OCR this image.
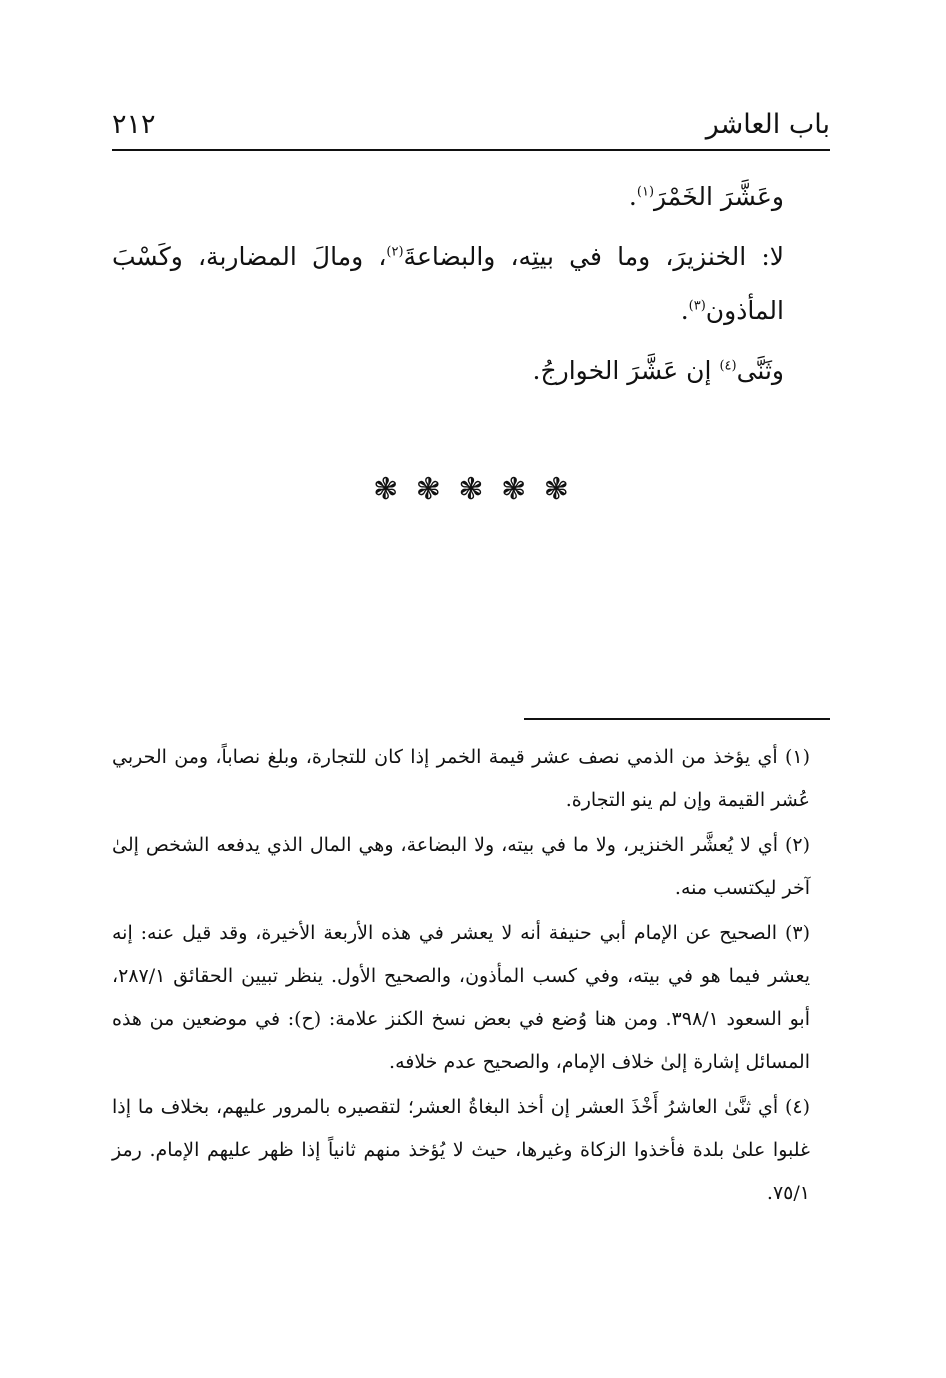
باب العاشر
٢١٢

وعَشَّرَ الخَمْرَ$^{(١)}$.

لا: الخنزيرَ، وما في بيتِه، والبضاعةَ$^{(٢)}$، ومالَ المضاربة، وكَسْبَ المأذون$^{(٣)}$.

وثَنَّى$^{(٤)}$ إن عَشَّرَ الخوارجُ.

❃ ❃ ❃ ❃ ❃

(١) أي يؤخذ من الذمي نصف عشر قيمة الخمر إذا كان للتجارة، وبلغ نصاباً، ومن الحربي عُشر القيمة وإن لم ينو التجارة.

(٢) أي لا يُعشَّر الخنزير، ولا ما في بيته، ولا البضاعة، وهي المال الذي يدفعه الشخص إلىٰ آخر ليكتسب منه.

(٣) الصحيح عن الإمام أبي حنيفة أنه لا يعشر في هذه الأربعة الأخيرة، وقد قيل عنه: إنه يعشر فيما هو في بيته، وفي كسب المأذون، والصحيح الأول. ينظر تبيين الحقائق ٢٨٧/١، أبو السعود ٣٩٨/١. ومن هنا وُضع في بعض نسخ الكنز علامة: (ح): في موضعين من هذه المسائل إشارة إلىٰ خلاف الإمام، والصحيح عدم خلافه.

(٤) أي ثنَّىٰ العاشرُ أَخْذَ العشر إن أخذ البغاةُ العشر؛ لتقصيره بالمرور عليهم، بخلاف ما إذا غلبوا علىٰ بلدة فأخذوا الزكاة وغيرها، حيث لا يُؤخذ منهم ثانياً إذا ظهر عليهم الإمام. رمز ٧٥/١.
